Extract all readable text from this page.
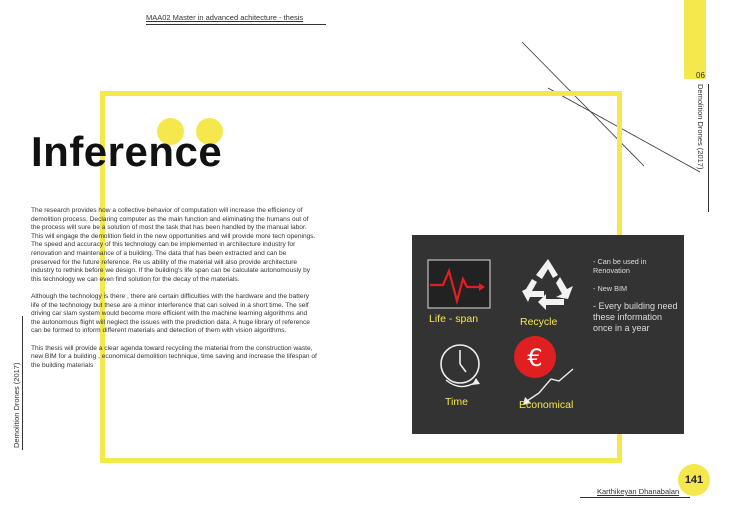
MAA02 Master in advanced achitecture - thesis
06
Demolition Drones (2017)
Inference

The research provides how a collective behavior of computation will increase the efficiency of demolition process. Declaring computer as the main function and eliminating the humans out of the process will sure be a solution of most the task that has been handled by the manual labor. This will engage the demolition field in the new opportunities and will provide more tech openings. The speed and accuracy of this technology can be implemented in architecture industry for renovation and maintenance of a building. The data that has been extracted and can be preserved for the future reference. Re us ability of the material will also provide architecture industry to rethink before we design. If the building's life span can be calculate autonomously by this technology we can even find solution for the decay of the materials.

Although the technology is there , there are certain difficulties with the hardware and the battery life of the technology but these are a minor interference that can solved in a short time. The self driving car slam system would become more efficient with the machine learning algorithms and the autonomous flight will neglect the issues with the prediction data. A huge library of reference can be formed to inform different materials and detection of them with vision algorithms.

This thesis will provide a clear agenda toward recycling the material from the construction waste, new BIM for a building , economical demolition technique, time saving and increase the lifespan of the building materials

Demolition Drones (2017)
€
Life - span	Recycle
Time	Economical
- Can be used in Renovation
- New BIM
- Every building need these information once in a year
141
Karthikeyan Dhanabalan
